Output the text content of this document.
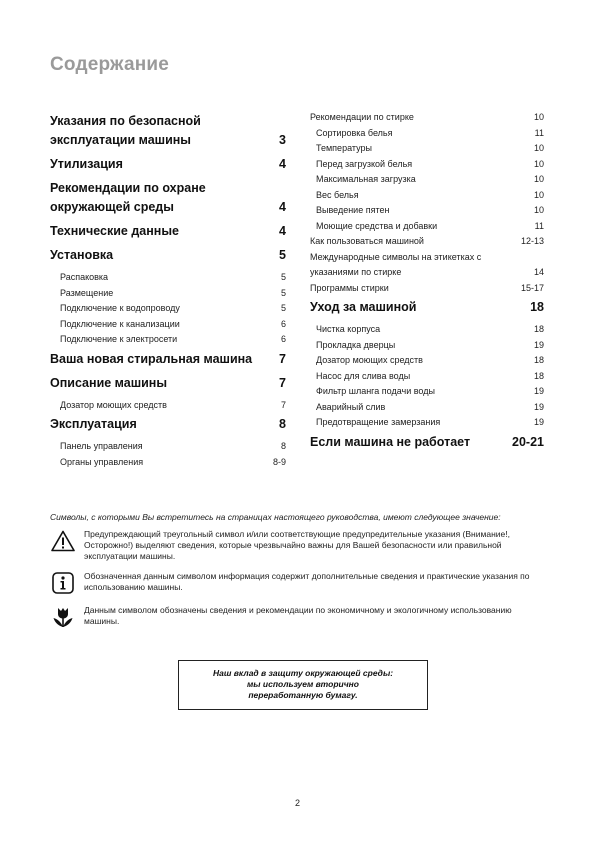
Содержание
Указания по безопасной
эксплуатации машины	3
Утилизация	4
Рекомендации по охране
окружающей среды	4
Технические данные	4
Установка	5
Распаковка	5
Размещение	5
Подключение к водопроводу	5
Подключение к канализации	6
Подключение к электросети	6
Ваша новая стиральная машина	7
Описание машины	7
Дозатор моющих средств	7
Эксплуатация	8
Панель управления	8
Органы управления	8-9
Рекомендации по стирке	10
Сортировка белья	11
Температуры	10
Перед загрузкой белья	10
Максимальная загрузка	10
Вес белья	10
Выведение пятен	10
Моющие средства и добавки	11
Как пользоваться машиной	12-13
Международные символы на этикетках с
указаниями по стирке	14
Программы стирки	15-17
Уход за машиной	18
Чистка корпуса	18
Прокладка дверцы	19
Дозатор моющих средств	18
Насос для слива воды	18
Фильтр шланга подачи воды	19
Аварийный слив	19
Предотвращение замерзания	19
Если машина не работает	20-21
Символы, с которыми Вы встретитесь на страницах настоящего руководства, имеют следующее значение:
Предупреждающий треугольный символ и/или соответствующие предупредительные указания (Внимание!, Осторожно!) выделяют сведения, которые чрезвычайно важны для Вашей безопасности или правильной эксплуатации машины.
Обозначенная данным символом информация содержит дополнительные сведения и практические указания по использованию машины.
Данным символом обозначены сведения и рекомендации по экономичному и экологичному использованию машины.
Наш вклад в защиту окружающей среды:
мы используем вторично
переработанную бумагу.
2
